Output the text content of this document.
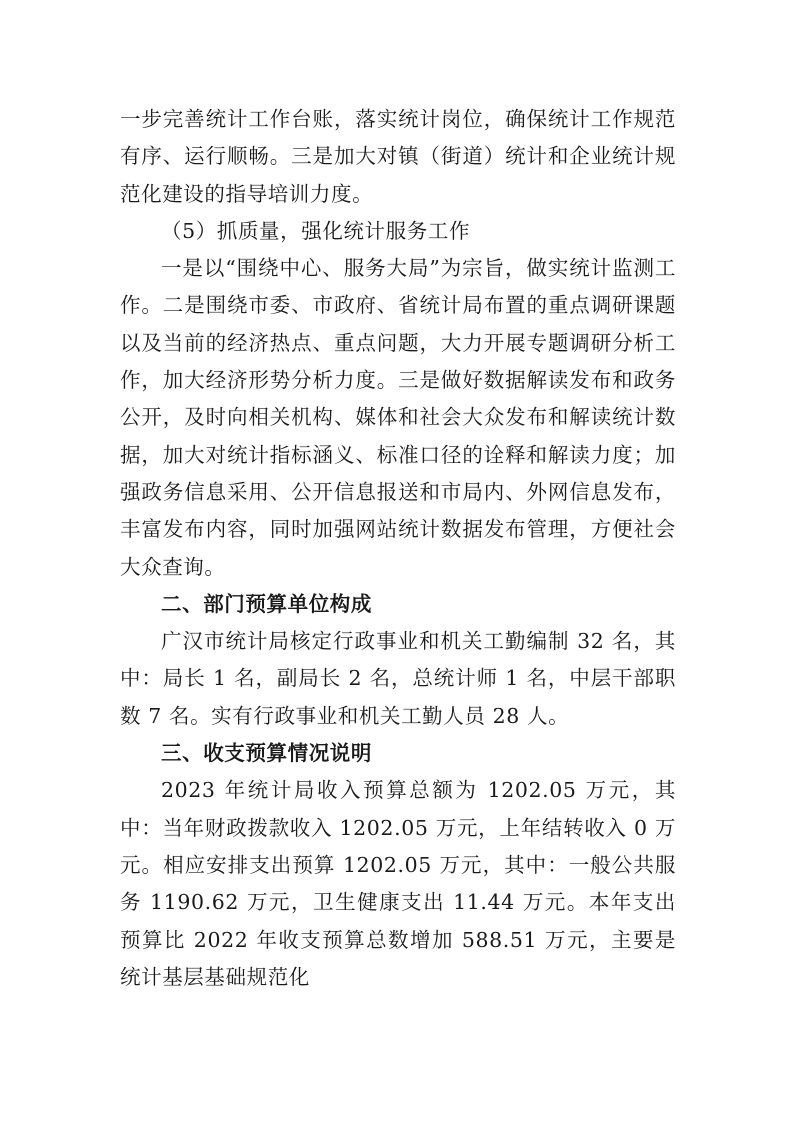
一步完善统计工作台账，落实统计岗位，确保统计工作规范有序、运行顺畅。三是加大对镇（街道）统计和企业统计规范化建设的指导培训力度。

（5）抓质量，强化统计服务工作

一是以“围绕中心、服务大局”为宗旨，做实统计监测工作。二是围绕市委、市政府、省统计局布置的重点调研课题以及当前的经济热点、重点问题，大力开展专题调研分析工作，加大经济形势分析力度。三是做好数据解读发布和政务公开，及时向相关机构、媒体和社会大众发布和解读统计数据，加大对统计指标涵义、标准口径的诠释和解读力度；加强政务信息采用、公开信息报送和市局内、外网信息发布，丰富发布内容，同时加强网站统计数据发布管理，方便社会大众查询。

二、部门预算单位构成

广汉市统计局核定行政事业和机关工勤编制 32 名，其中：局长 1 名，副局长 2 名，总统计师 1 名，中层干部职数 7 名。实有行政事业和机关工勤人员 28 人。

三、收支预算情况说明

2023 年统计局收入预算总额为 1202.05 万元，其中：当年财政拨款收入 1202.05 万元，上年结转收入 0 万元。相应安排支出预算 1202.05 万元，其中：一般公共服务 1190.62 万元，卫生健康支出 11.44 万元。本年支出预算比 2022 年收支预算总数增加 588.51 万元，主要是统计基层基础规范化
